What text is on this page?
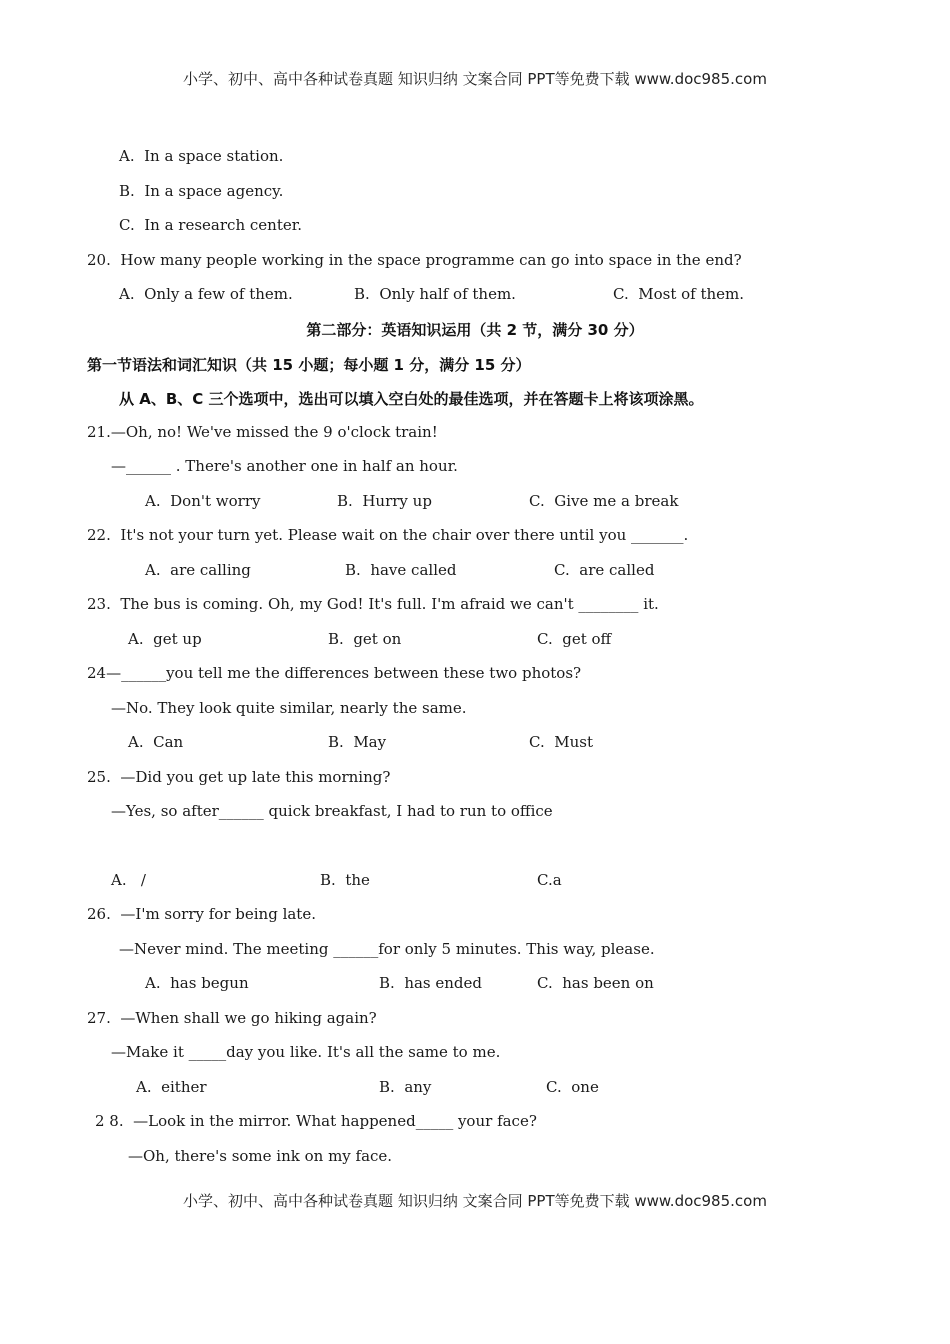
小学、初中、高中各种试卷真题 知识归纳 文案合同 PPT等免费下载 www.doc985.com
A.  In a space station.
B.  In a space agency.
C.  In a research center.
20.  How many people working in the space programme can go into space in the end?
A.  Only a few of them.	B.  Only half of them.	C.  Most of them.
第二部分：英语知识运用（共 2 节，满分 30 分）
第一节语法和词汇知识（共 15 小题；每小题 1 分，满分 15 分）
从 A、B、C 三个选项中，选出可以填入空白处的最佳选项，并在答题卡上将该项涂黑。
21.—Oh, no! We've missed the 9 o'clock train!
—______ . There's another one in half an hour.
A.  Don't worry	B.  Hurry up	C.  Give me a break
22.  It's not your turn yet. Please wait on the chair over there until you _______.
A.  are calling	B.  have called	C.  are called
23.  The bus is coming. Oh, my God! It's full. I'm afraid we can't ________ it.
A.  get up	B.  get on	C.  get off
24—______you tell me the differences between these two photos?
—No. They look quite similar, nearly the same.
A.  Can	B.  May	C.  Must
25.  —Did you get up late this morning?
—Yes, so after______ quick breakfast, I had to run to office
A.   /	B.  the	C.a
26.  —I'm sorry for being late.
—Never mind. The meeting ______for only 5 minutes. This way, please.
A.  has begun	B.  has ended	C.  has been on
27.  —When shall we go hiking again?
—Make it _____day you like. It's all the same to me.
A.  either	B.  any	C.  one
2 8.  —Look in the mirror. What happened_____ your face?
—Oh, there's some ink on my face.
小学、初中、高中各种试卷真题 知识归纳 文案合同 PPT等免费下载 www.doc985.com
